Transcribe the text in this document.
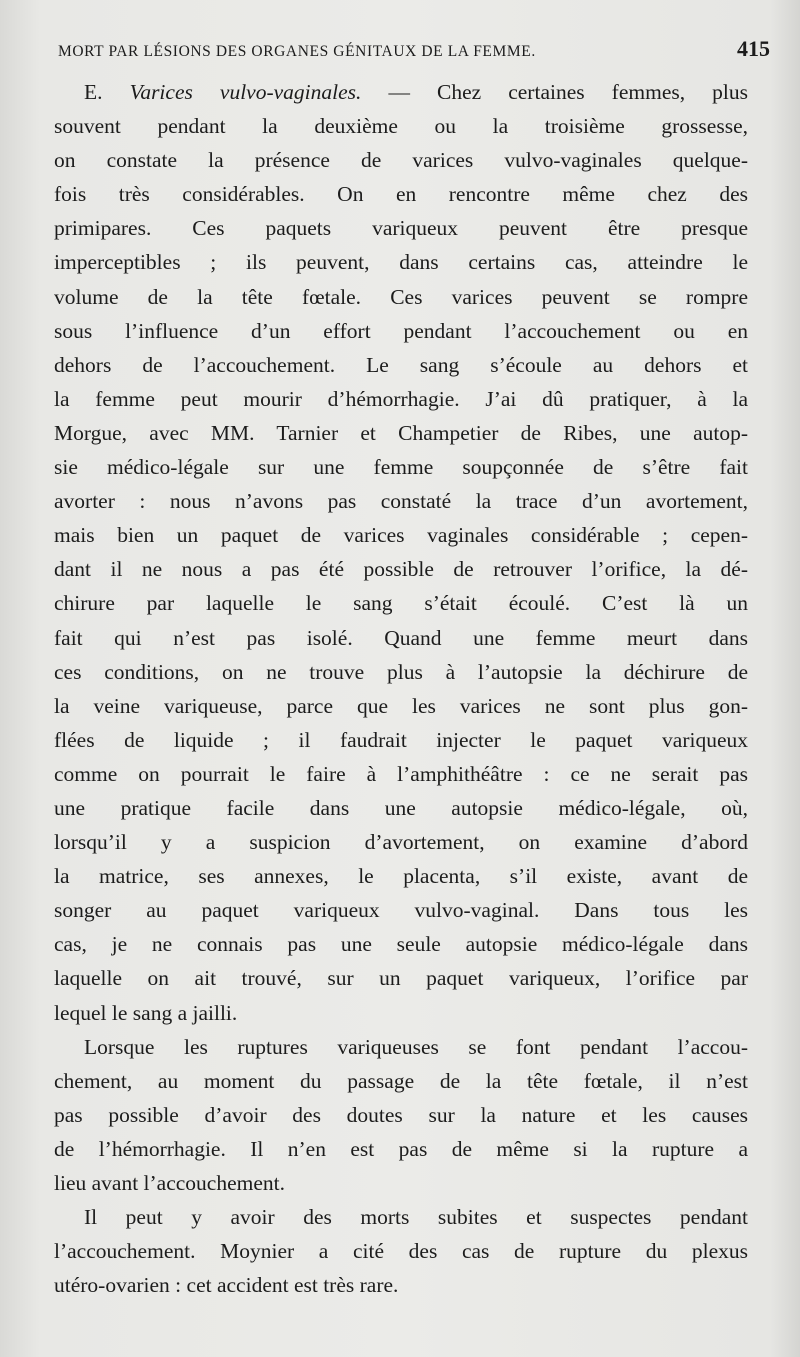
MORT PAR LÉSIONS DES ORGANES GÉNITAUX DE LA FEMME.	415
E. Varices vulvo-vaginales. — Chez certaines femmes, plus
souvent pendant la deuxième ou la troisième grossesse,
on constate la présence de varices vulvo-vaginales quelque-
fois très considérables. On en rencontre même chez des
primipares. Ces paquets variqueux peuvent être presque
imperceptibles ; ils peuvent, dans certains cas, atteindre le
volume de la tête fœtale. Ces varices peuvent se rompre
sous l’influence d’un effort pendant l’accouchement ou en
dehors de l’accouchement. Le sang s’écoule au dehors et
la femme peut mourir d’hémorrhagie. J’ai dû pratiquer, à la
Morgue, avec MM. Tarnier et Champetier de Ribes, une autop-
sie médico-légale sur une femme soupçonnée de s’être fait
avorter : nous n’avons pas constaté la trace d’un avortement,
mais bien un paquet de varices vaginales considérable ; cepen-
dant il ne nous a pas été possible de retrouver l’orifice, la dé-
chirure par laquelle le sang s’était écoulé. C’est là un
fait qui n’est pas isolé. Quand une femme meurt dans
ces conditions, on ne trouve plus à l’autopsie la déchirure de
la veine variqueuse, parce que les varices ne sont plus gon-
flées de liquide ; il faudrait injecter le paquet variqueux
comme on pourrait le faire à l’amphithéâtre : ce ne serait pas
une pratique facile dans une autopsie médico-légale, où,
lorsqu’il y a suspicion d’avortement, on examine d’abord
la matrice, ses annexes, le placenta, s’il existe, avant de
songer au paquet variqueux vulvo-vaginal. Dans tous les
cas, je ne connais pas une seule autopsie médico-légale dans
laquelle on ait trouvé, sur un paquet variqueux, l’orifice par
lequel le sang a jailli.
Lorsque les ruptures variqueuses se font pendant l’accou-
chement, au moment du passage de la tête fœtale, il n’est
pas possible d’avoir des doutes sur la nature et les causes
de l’hémorrhagie. Il n’en est pas de même si la rupture a
lieu avant l’accouchement.
Il peut y avoir des morts subites et suspectes pendant
l’accouchement. Moynier a cité des cas de rupture du plexus
utéro-ovarien : cet accident est très rare.
